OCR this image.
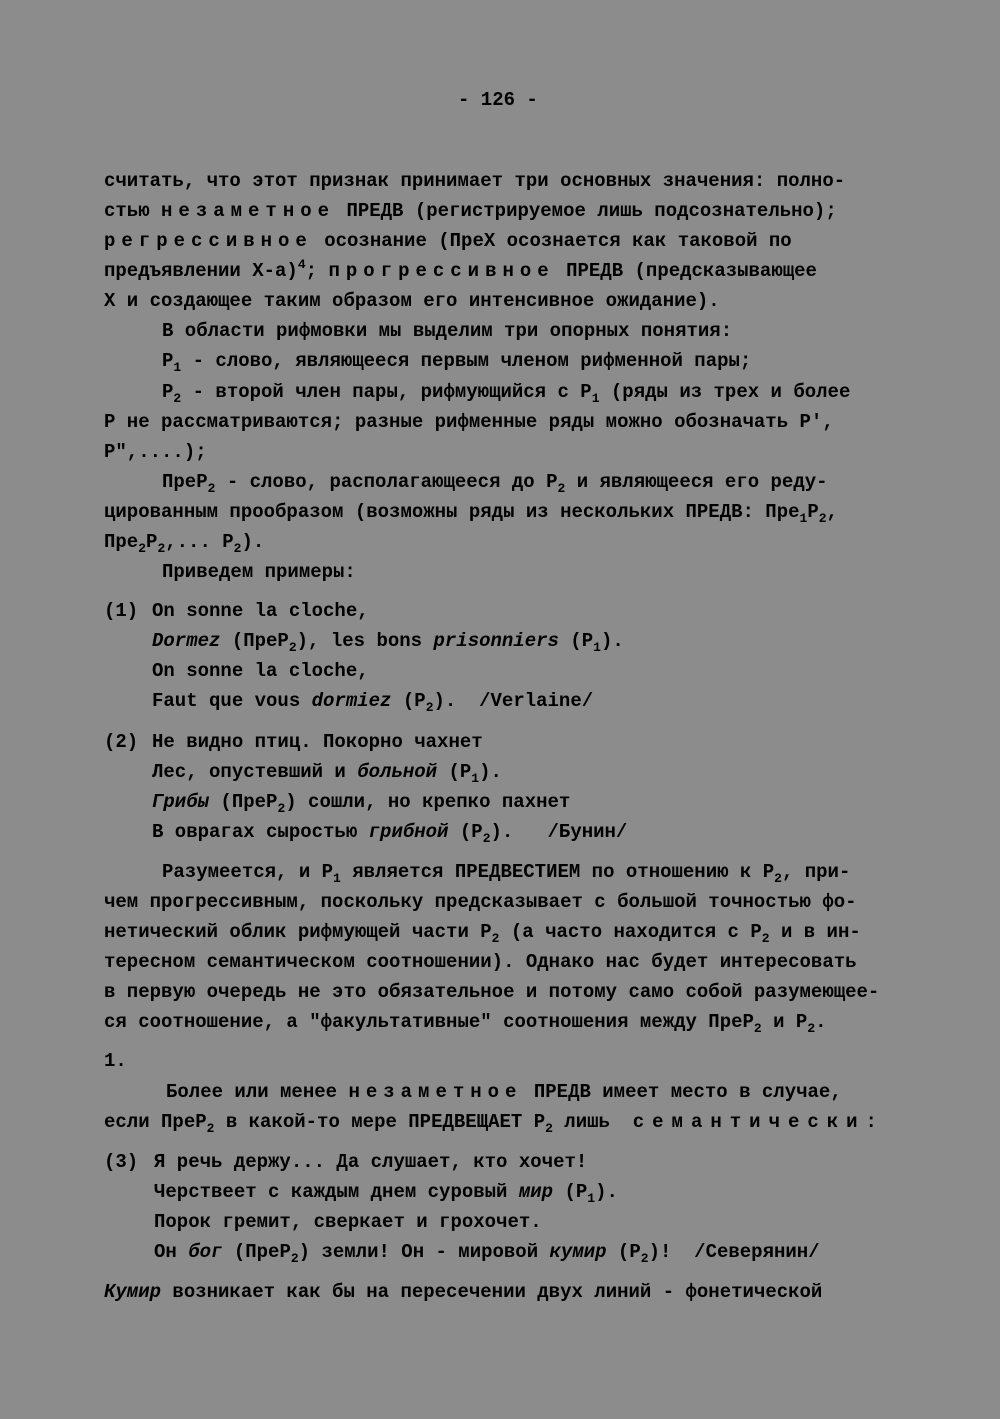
- 126 -
считать, что этот признак принимает три основных значения: полно-
стью незаметное ПРЕДВ (регистрируемое лишь подсознательно);
регрессивное осознание (ПреХ осознается как таковой по
предъявлении Х-а)$^4$; прогрессивное ПРЕДВ (предсказывающее
Х и создающее таким образом его интенсивное ожидание).
В области рифмовки мы выделим три опорных понятия:
$P_1$ - слово, являющееся первым членом рифменной пары;
$P_2$ - второй член пары, рифмующийся с $P_1$ (ряды из трех и более
P не рассматриваются; разные рифменные ряды можно обозначать P',
P",....);
ПреP$_2$ - слово, располагающееся до $P_2$ и являющееся его реду-
цированным прообразом (возможны ряды из нескольких ПРЕДВ: $Пре_1P_2$,
$Пре_2P_2$,... $P_2$).
Приведем примеры:
(1) On sonne la cloche,
Dormez (ПреP$_2$), les bons prisonniers $(P_1)$.
On sonne la cloche,
Faut que vous dormiez $(P_2)$.  /Verlaine/
(2) Не видно птиц. Покорно чахнет
Лес, опустевший и больной $(P_1)$.
Грибы (ПреP$_2$) сошли, но крепко пахнет
В оврагах сыростью грибной $(P_2)$.   /Бунин/
Разумеется, и $P_1$ является ПРЕДВЕСТИЕМ по отношению к $P_2$, при-
чем прогрессивным, поскольку предсказывает с большой точностью фо-
нетический облик рифмующей части $P_2$ (а часто находится с $P_2$ и в ин-
тересном семантическом соотношении). Однако нас будет интересовать
в первую очередь не это обязательное и потому само собой разумеющее-
ся соотношение, а "факультативные" соотношения между ПреP$_2$ и $P_2$.
1.
Более или менее незаметное ПРЕДВ имеет место в случае,
если ПреP$_2$ в какой-то мере ПРЕДВЕЩАЕТ $P_2$ лишь  семантически:
(3) Я речь держу... Да слушает, кто хочет!
Черствеет с каждым днем суровый мир $(P_1)$.
Порок гремит, сверкает и грохочет.
Он бог (ПреP$_2$) земли! Он - мировой кумир $(P_2)$!  /Северянин/
Кумир возникает как бы на пересечении двух линий - фонетической
